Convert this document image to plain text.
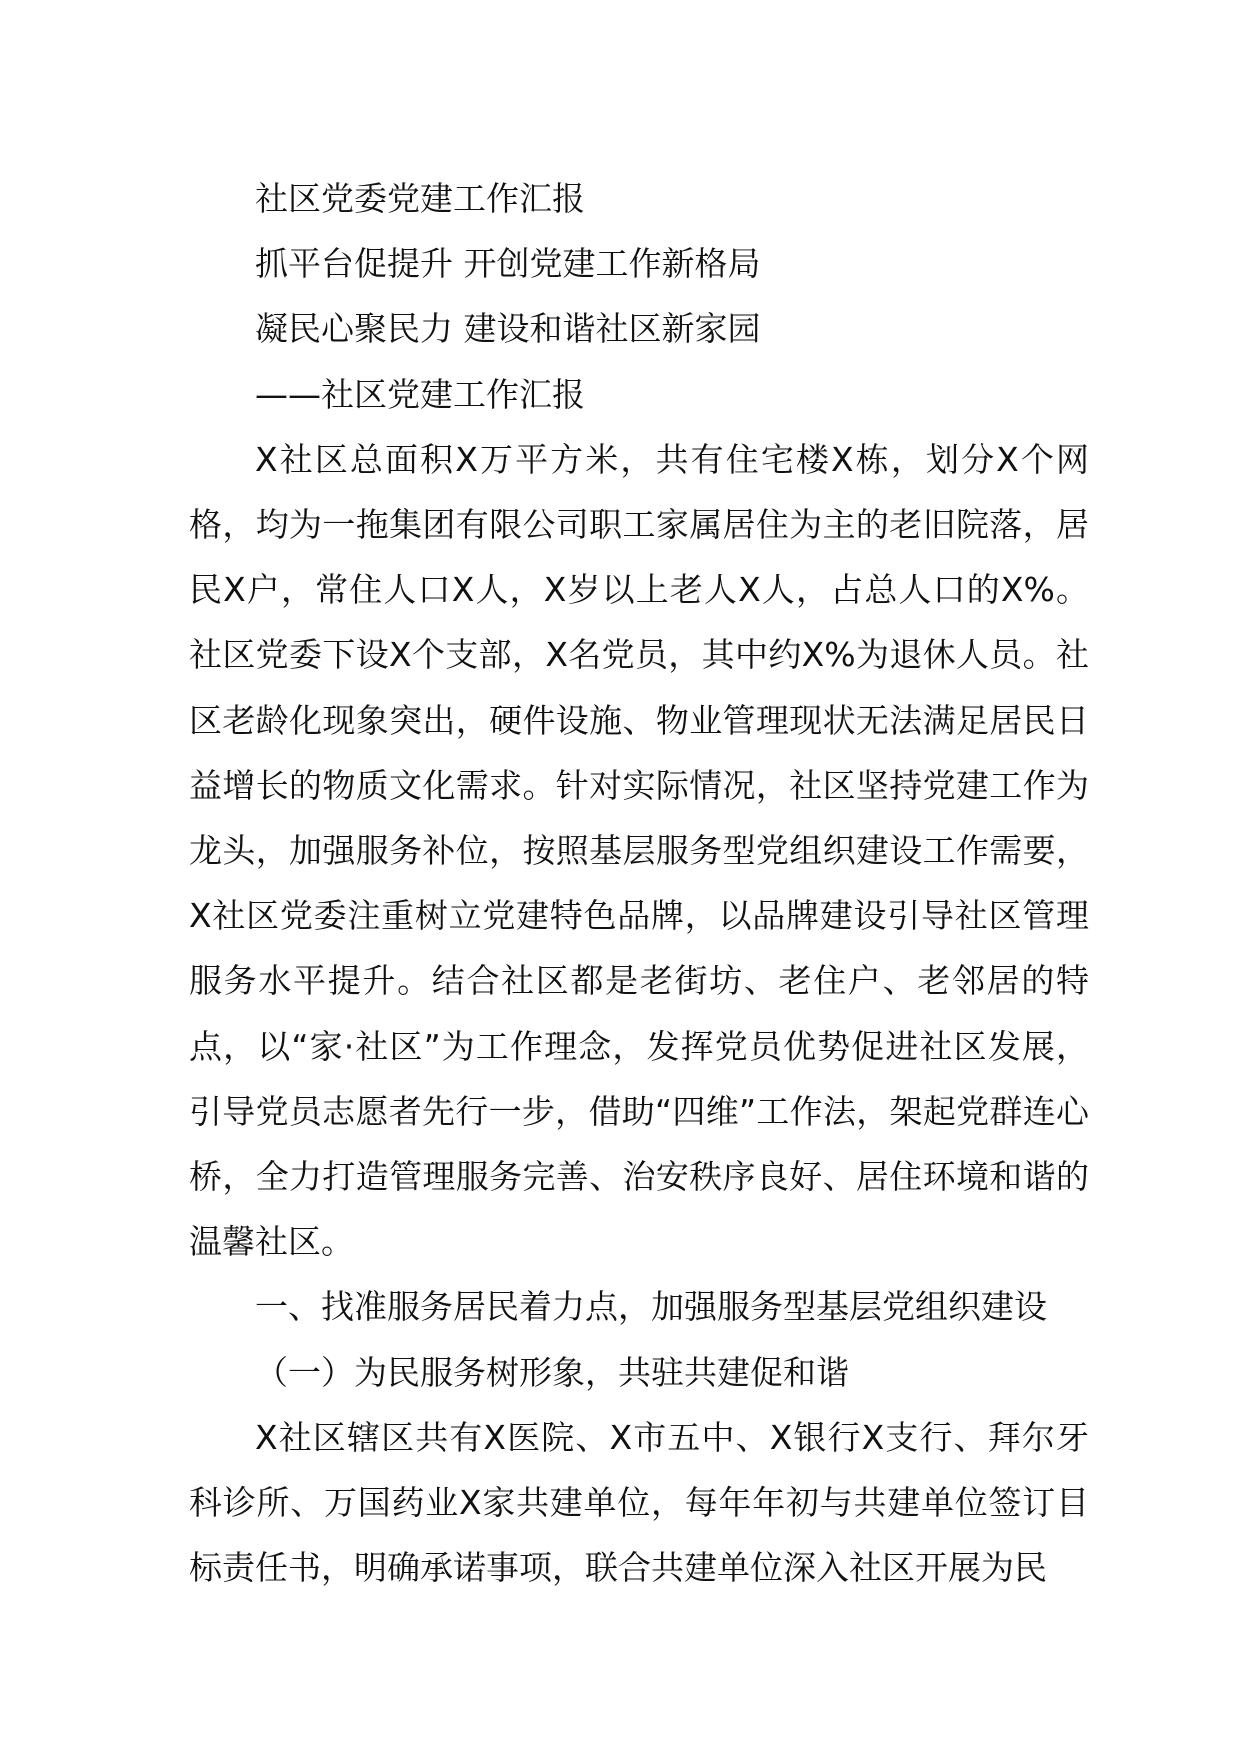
社区党委党建工作汇报

抓平台促提升 开创党建工作新格局

凝民心聚民力 建设和谐社区新家园

——社区党建工作汇报

X社区总面积X万平方米，共有住宅楼X栋，划分X个网格，均为一拖集团有限公司职工家属居住为主的老旧院落，居民X户，常住人口X人，X岁以上老人X人，占总人口的X%。社区党委下设X个支部，X名党员，其中约X%为退休人员。社区老龄化现象突出，硬件设施、物业管理现状无法满足居民日益增长的物质文化需求。针对实际情况，社区坚持党建工作为龙头，加强服务补位，按照基层服务型党组织建设工作需要，X社区党委注重树立党建特色品牌，以品牌建设引导社区管理服务水平提升。结合社区都是老街坊、老住户、老邻居的特点，以“家·社区”为工作理念，发挥党员优势促进社区发展，引导党员志愿者先行一步，借助“四维”工作法，架起党群连心桥，全力打造管理服务完善、治安秩序良好、居住环境和谐的温馨社区。

一、找准服务居民着力点，加强服务型基层党组织建设

（一）为民服务树形象，共驻共建促和谐

X社区辖区共有X医院、X市五中、X银行X支行、拜尔牙科诊所、万国药业X家共建单位，每年年初与共建单位签订目标责任书，明确承诺事项，联合共建单位深入社区开展为民
